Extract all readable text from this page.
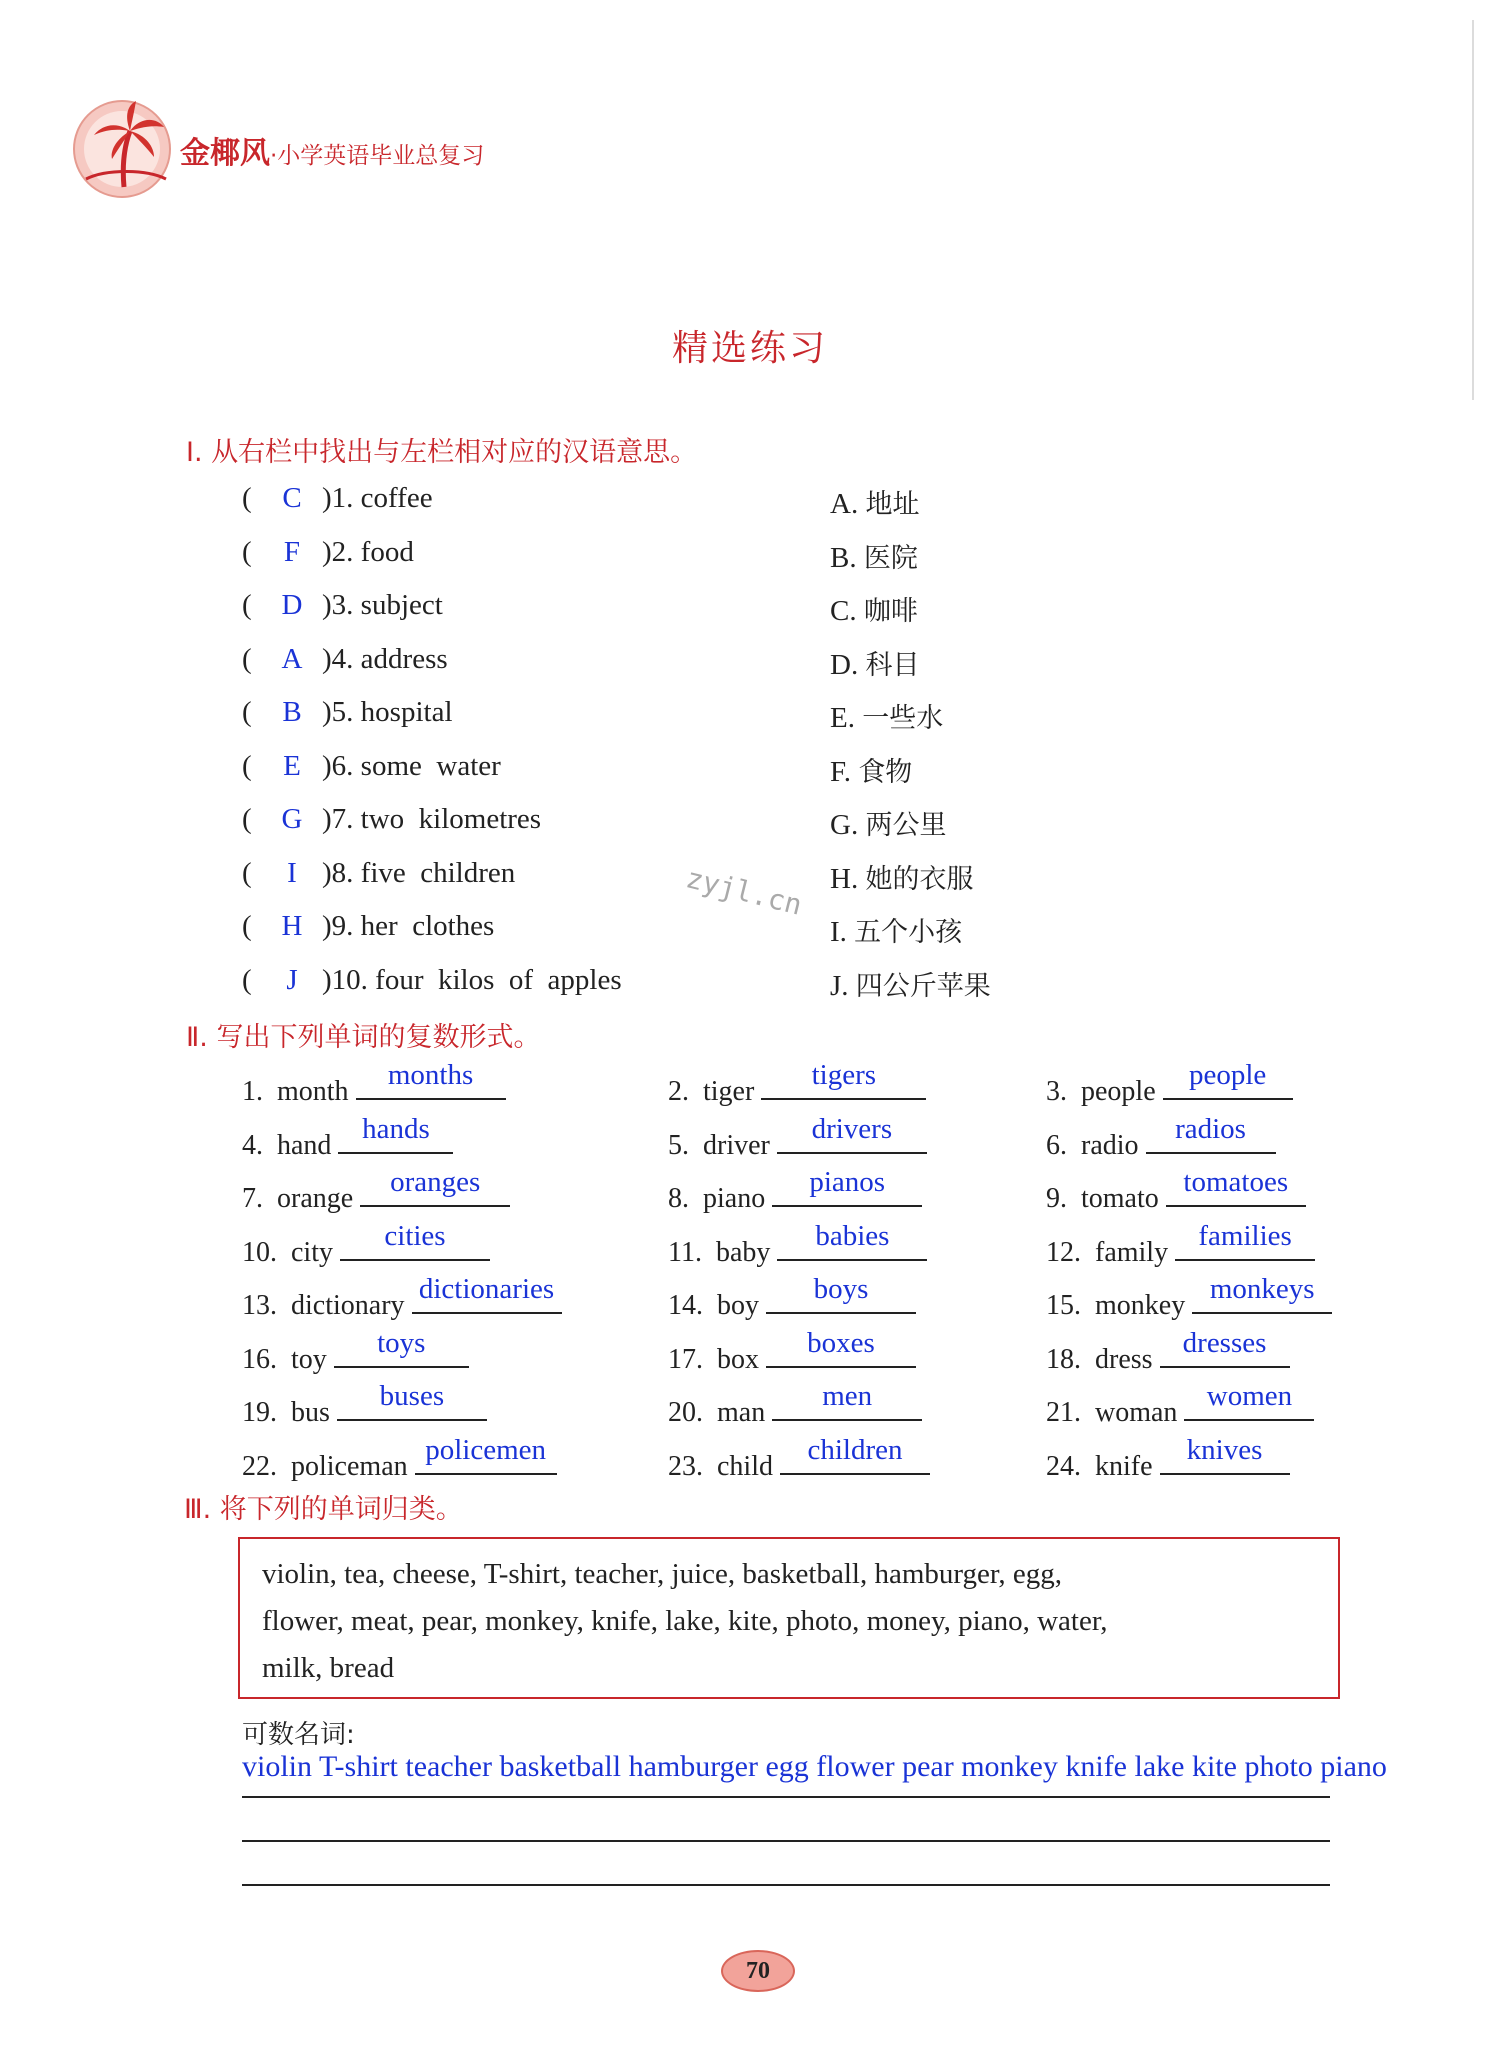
金椰风·小学英语毕业总复习
精选练习
Ⅰ. 从右栏中找出与左栏相对应的汉语意思。
( C )1. coffee
( F )2. food
( D )3. subject
( A )4. address
( B )5. hospital
( E )6. some  water
( G )7. two  kilometres
( I )8. five  children
( H )9. her  clothes
( J )10. four  kilos  of  apples
A. 地址
B. 医院
C. 咖啡
D. 科目
E. 一些水
F. 食物
G. 两公里
H. 她的衣服
I. 五个小孩
J. 四公斤苹果
zyjl.cn
Ⅱ. 写出下列单词的复数形式。
1.  month
months
2.  tiger
tigers
3.  people
people
4.  hand
hands
5.  driver
drivers
6.  radio
radios
7.  orange
oranges
8.  piano
pianos
9.  tomato
tomatoes
10.  city
cities
11.  baby
babies
12.  family
families
13.  dictionary
dictionaries
14.  boy
boys
15.  monkey
monkeys
16.  toy
toys
17.  box
boxes
18.  dress
dresses
19.  bus
buses
20.  man
men
21.  woman
women
22.  policeman
policemen
23.  child
children
24.  knife
knives
Ⅲ. 将下列的单词归类。
violin, tea, cheese, T-shirt, teacher, juice, basketball, hamburger, egg,
flower, meat, pear, monkey, knife, lake, kite, photo, money, piano, water,
milk, bread
可数名词:
violin T-shirt teacher basketball hamburger egg flower pear monkey knife lake kite photo piano
70
